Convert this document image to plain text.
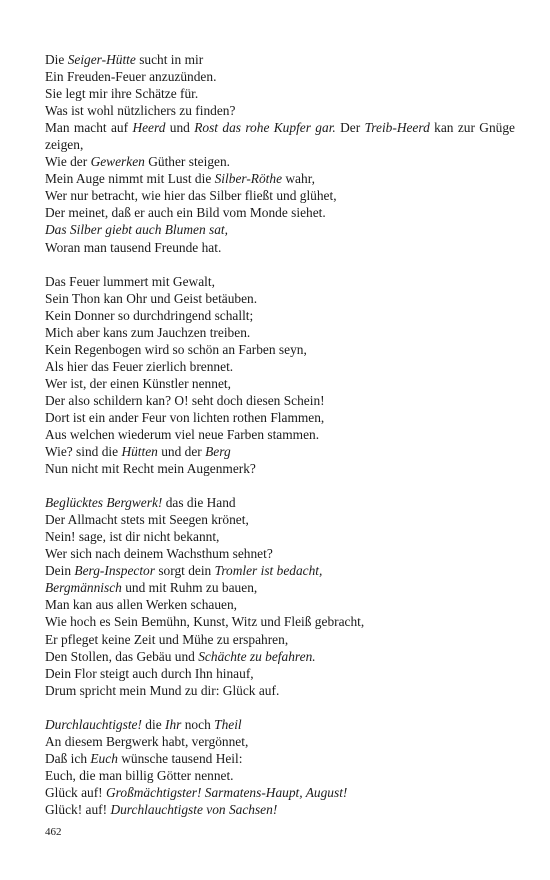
Die Seiger-Hütte sucht in mir
Ein Freuden-Feuer anzuzünden.
Sie legt mir ihre Schätze für.
Was ist wohl nützlichers zu finden?
Man macht auf Heerd und Rost das rohe Kupfer gar. Der Treib-Heerd kan zur Gnüge zeigen,
Wie der Gewerken Güther steigen.
Mein Auge nimmt mit Lust die Silber-Röthe wahr,
Wer nur betracht, wie hier das Silber fließt und glühet,
Der meinet, daß er auch ein Bild vom Monde siehet.
Das Silber giebt auch Blumen sat,
Woran man tausend Freunde hat.
Das Feuer lummert mit Gewalt,
Sein Thon kan Ohr und Geist betäuben.
Kein Donner so durchdringend schallt;
Mich aber kans zum Jauchzen treiben.
Kein Regenbogen wird so schön an Farben seyn,
Als hier das Feuer zierlich brennet.
Wer ist, der einen Künstler nennet,
Der also schildern kan? O! seht doch diesen Schein!
Dort ist ein ander Feur von lichten rothen Flammen,
Aus welchen wiederum viel neue Farben stammen.
Wie? sind die Hütten und der Berg
Nun nicht mit Recht mein Augenmerk?
Beglücktes Bergwerk! das die Hand
Der Allmacht stets mit Seegen krönet,
Nein! sage, ist dir nicht bekannt,
Wer sich nach deinem Wachsthum sehnet?
Dein Berg-Inspector sorgt dein Tromler ist bedacht,
Bergmännisch und mit Ruhm zu bauen,
Man kan aus allen Werken schauen,
Wie hoch es Sein Bemühn, Kunst, Witz und Fleiß gebracht,
Er pfleget keine Zeit und Mühe zu erspahren,
Den Stollen, das Gebäu und Schächte zu befahren.
Dein Flor steigt auch durch Ihn hinauf,
Drum spricht mein Mund zu dir: Glück auf.
Durchlauchtigste! die Ihr noch Theil
An diesem Bergwerk habt, vergönnet,
Daß ich Euch wünsche tausend Heil:
Euch, die man billig Götter nennet.
Glück auf! Großmächtigster! Sarmatens-Haupt, August!
Glück! auf! Durchlauchtigste von Sachsen!
462
